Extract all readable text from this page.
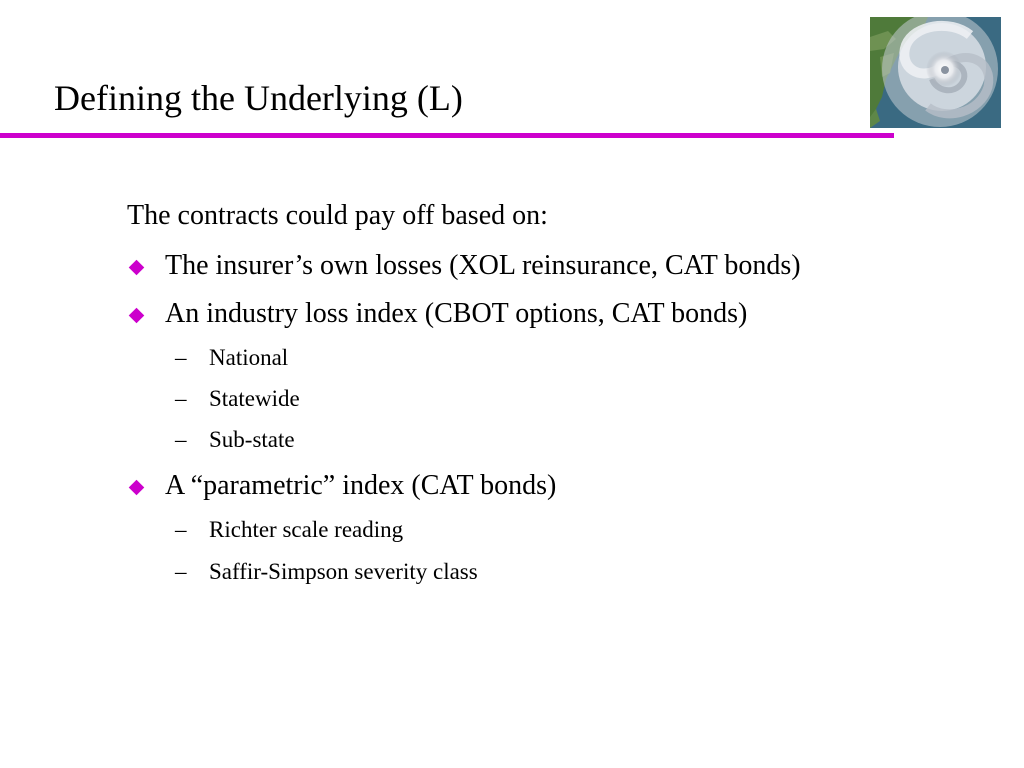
Defining the Underlying (L)
The contracts could pay off based on:
The insurer’s own losses (XOL reinsurance, CAT bonds)
An industry loss index (CBOT options, CAT bonds)
– National
– Statewide
– Sub-state
A “parametric” index (CAT bonds)
– Richter scale reading
– Saffir-Simpson severity class
